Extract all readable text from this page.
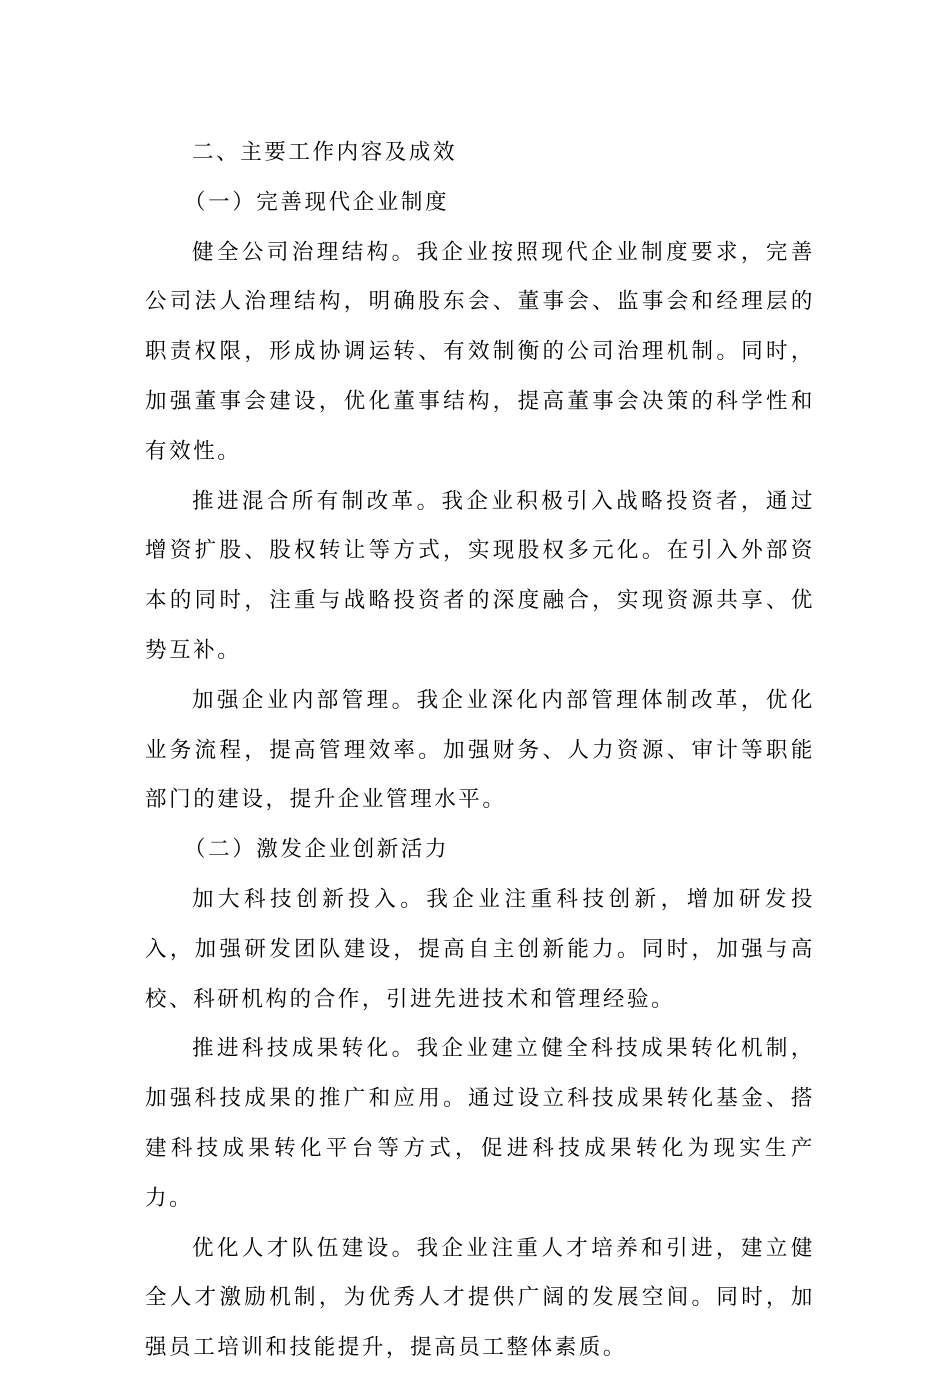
二、主要工作内容及成效

（一）完善现代企业制度

健全公司治理结构。我企业按照现代企业制度要求，完善公司法人治理结构，明确股东会、董事会、监事会和经理层的职责权限，形成协调运转、有效制衡的公司治理机制。同时，加强董事会建设，优化董事结构，提高董事会决策的科学性和有效性。

推进混合所有制改革。我企业积极引入战略投资者，通过增资扩股、股权转让等方式，实现股权多元化。在引入外部资本的同时，注重与战略投资者的深度融合，实现资源共享、优势互补。

加强企业内部管理。我企业深化内部管理体制改革，优化业务流程，提高管理效率。加强财务、人力资源、审计等职能部门的建设，提升企业管理水平。

（二）激发企业创新活力

加大科技创新投入。我企业注重科技创新，增加研发投入，加强研发团队建设，提高自主创新能力。同时，加强与高校、科研机构的合作，引进先进技术和管理经验。

推进科技成果转化。我企业建立健全科技成果转化机制，加强科技成果的推广和应用。通过设立科技成果转化基金、搭建科技成果转化平台等方式，促进科技成果转化为现实生产力。

优化人才队伍建设。我企业注重人才培养和引进，建立健全人才激励机制，为优秀人才提供广阔的发展空间。同时，加强员工培训和技能提升，提高员工整体素质。
